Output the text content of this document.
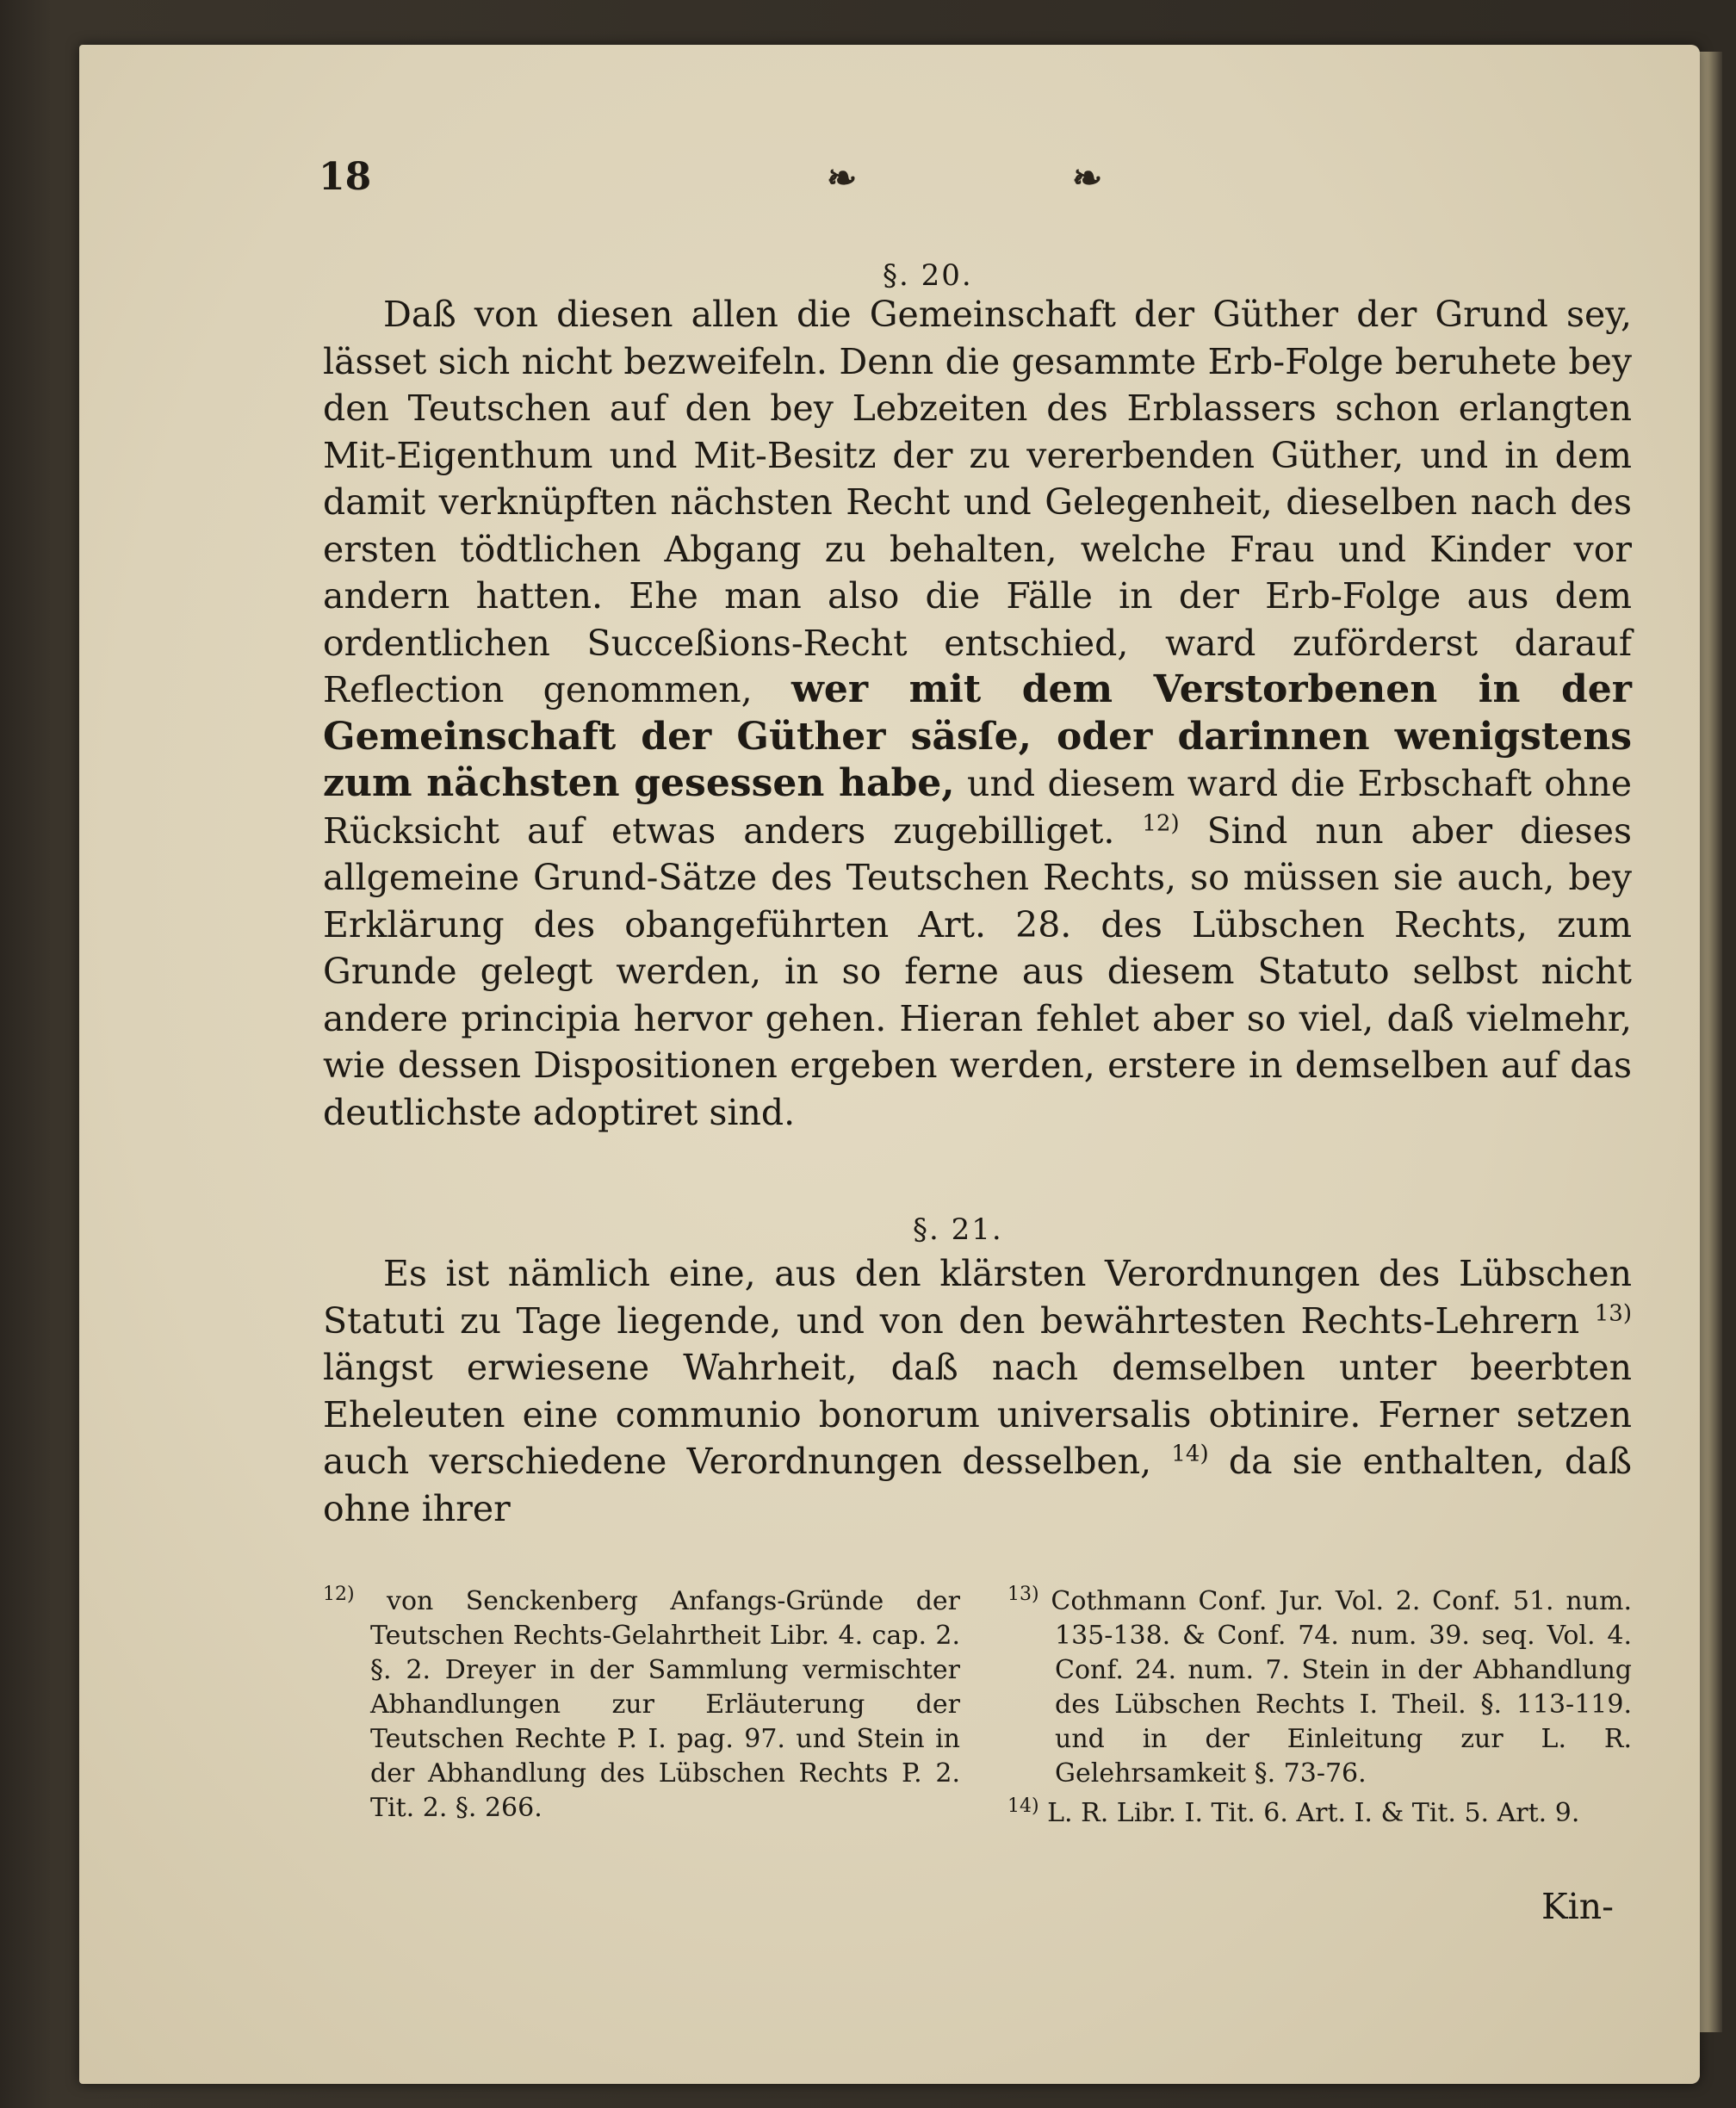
18	❧	❧
§. 20.
Daß von diesen allen die Gemeinschaft der Güther der Grund sey, lässet sich nicht bezweifeln. Denn die gesammte Erb-Folge beruhete bey den Teutschen auf den bey Lebzeiten des Erblassers schon erlangten Mit-Eigenthum und Mit-Besitz der zu vererbenden Güther, und in dem damit verknüpften nächsten Recht und Gelegenheit, dieselben nach des ersten tödtlichen Abgang zu behalten, welche Frau und Kinder vor andern hatten. Ehe man also die Fälle in der Erb-Folge aus dem ordentlichen Succeßions-Recht entschied, ward zuförderst darauf Reflection genommen, wer mit dem Verstorbenen in der Gemeinschaft der Güther säsſe, oder darinnen wenigstens zum nächsten gesessen habe, und diesem ward die Erbschaft ohne Rücksicht auf etwas anders zugebilliget. $^{12)}$ Sind nun aber dieses allgemeine Grund-Sätze des Teutschen Rechts, so müssen sie auch, bey Erklärung des obangeführten Art. 28. des Lübschen Rechts, zum Grunde gelegt werden, in so ferne aus diesem Statuto selbst nicht andere principia hervor gehen. Hieran fehlet aber so viel, daß vielmehr, wie dessen Dispositionen ergeben werden, erstere in demselben auf das deutlichste adoptiret sind.
§. 21.
Es ist nämlich eine, aus den klärsten Verordnungen des Lübschen Statuti zu Tage liegende, und von den bewährtesten Rechts-Lehrern $^{13)}$ längst erwiesene Wahrheit, daß nach demselben unter beerbten Eheleuten eine communio bonorum universalis obtinire. Ferner setzen auch verschiedene Verordnungen desselben, $^{14)}$ da sie enthalten, daß ohne ihrer
Kin-

$^{12)}$ von Senckenberg Anfangs-Gründe der Teutschen Rechts-Gelahrtheit Libr. 4. cap. 2. §. 2. Dreyer in der Sammlung vermischter Abhandlungen zur Erläuterung der Teutschen Rechte P. I. pag. 97. und Stein in der Abhandlung des Lübschen Rechts P. 2. Tit. 2. §. 266.

$^{13)}$ Cothmann Conf. Jur. Vol. 2. Conf. 51. num. 135-138. & Conf. 74. num. 39. seq. Vol. 4. Conf. 24. num. 7. Stein in der Abhandlung des Lübschen Rechts I. Theil. §. 113-119. und in der Einleitung zur L. R. Gelehrsamkeit §. 73-76.

$^{14)}$ L. R. Libr. I. Tit. 6. Art. I. & Tit. 5. Art. 9.
